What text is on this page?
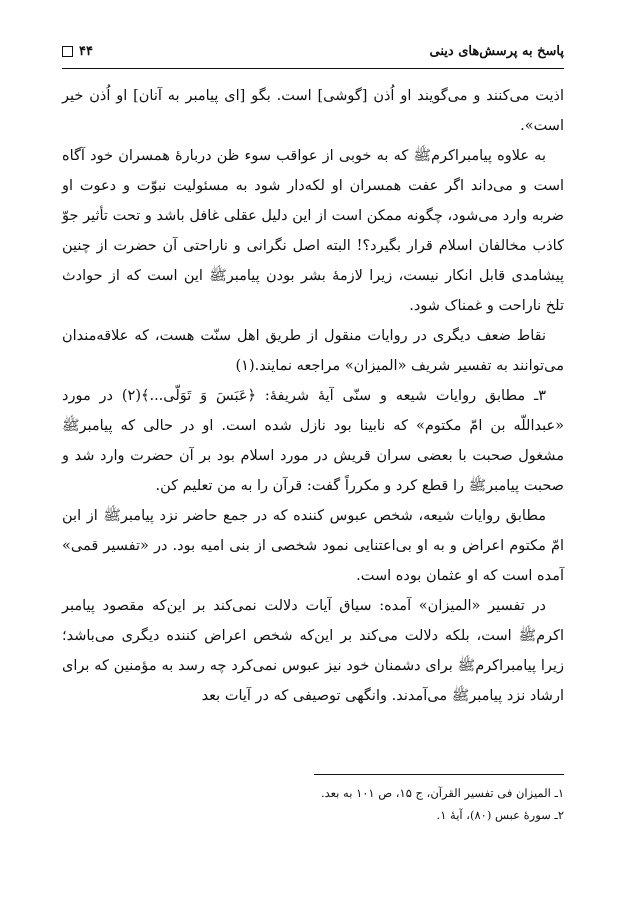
پاسخ به پرسش‌های دینی
۴۴

اذیت می‌کنند و می‌گویند او اُذن [گوشی] است. بگو [ای پیامبر به آنان] او اُذن خیر است».

به علاوه پیامبراکرمﷺ که به خوبی از عواقب سوء ظن دربارهٔ همسران خود آگاه است و می‌داند اگر عفت همسران او لکه‌دار شود به مسئولیت نبوّت و دعوت او ضربه وارد می‌شود، چگونه ممکن است از این دلیل عقلی غافل باشد و تحت تأثیر جوّ کاذب مخالفان اسلام قرار بگیرد؟! البته اصل نگرانی و ناراحتی آن حضرت از چنین پیشامدی قابل انکار نیست، زیرا لازمهٔ بشر بودن پیامبرﷺ این است که از حوادث تلخ ناراحت و غمناک شود.

نقاط ضعف دیگری در روایات منقول از طریق اهل سنّت هست، که علاقه‌مندان می‌توانند به تفسیر شریف «المیزان» مراجعه نمایند.(۱)

۳ـ مطابق روایات شیعه و سنّی آیهٔ شریفهٔ: ﴿عَبَسَ وَ تَوَلّی...﴾(۲) در مورد «عبداللّه بن امّ مکتوم» که نابینا بود نازل شده است. او در حالی که پیامبرﷺ مشغول صحبت با بعضی سران قریش در مورد اسلام بود بر آن حضرت وارد شد و صحبت پیامبرﷺ را قطع کرد و مکرراً گفت: قرآن را به من تعلیم کن.

مطابق روایات شیعه، شخص عبوس کننده که در جمع حاضر نزد پیامبرﷺ از ابن امّ مکتوم اعراض و به او بی‌اعتنایی نمود شخصی از بنی امیه بود. در «تفسیر قمی» آمده است که او عثمان بوده است.

در تفسیر «المیزان» آمده: سیاق آیات دلالت نمی‌کند بر این‌که مقصود پیامبر اکرمﷺ است، بلکه دلالت می‌کند بر این‌که شخص اعراض کننده دیگری می‌باشد؛ زیرا پیامبراکرمﷺ برای دشمنان خود نیز عبوس نمی‌کرد چه رسد به مؤمنین که برای ارشاد نزد پیامبرﷺ می‌آمدند. وانگهی توصیفی که در آیات بعد

۱ـ المیزان فی تفسیر القرآن، ج ۱۵، ص ۱۰۱ به بعد.
۲ـ سورهٔ عبس (۸۰)، آیهٔ ۱.
